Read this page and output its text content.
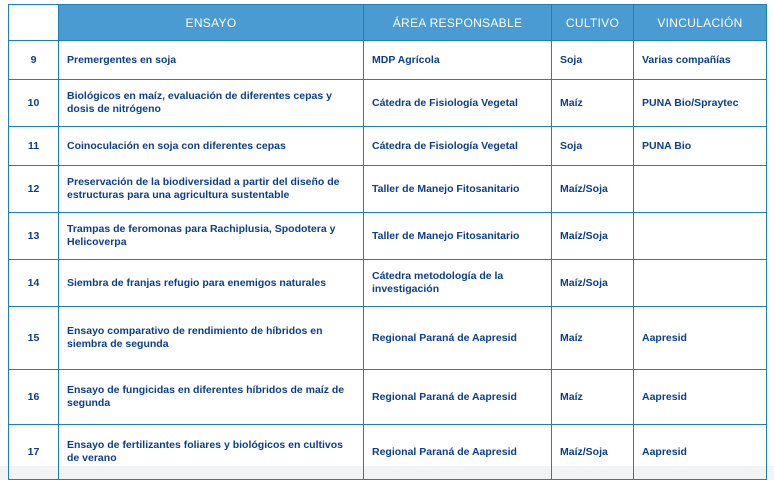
	ENSAYO	ÁREA RESPONSABLE	CULTIVO	VINCULACIÓN
9	Premergentes en soja	MDP Agrícola	Soja	Varias compañías
10	Biológicos en maíz, evaluación de diferentes cepas y dosis de nitrógeno	Cátedra de Fisiología Vegetal	Maíz	PUNA Bio/Spraytec
11	Coinoculación en soja con diferentes cepas	Cátedra de Fisiología Vegetal	Soja	PUNA Bio
12	Preservación de la biodiversidad a partir del diseño de estructuras para una agricultura sustentable	Taller de Manejo Fitosanitario	Maíz/Soja	
13	Trampas de feromonas para Rachiplusia, Spodotera y Helicoverpa	Taller de Manejo Fitosanitario	Maíz/Soja	
14	Siembra de franjas refugio para enemigos naturales	Cátedra metodología de la investigación	Maíz/Soja	
15	Ensayo comparativo de rendimiento de híbridos en siembra de segunda	Regional Paraná de Aapresid	Maíz	Aapresid
16	Ensayo de fungicidas en diferentes híbridos de maíz de segunda	Regional Paraná de Aapresid	Maíz	Aapresid
17	Ensayo de fertilizantes foliares y biológicos en cultivos de verano	Regional Paraná de Aapresid	Maíz/Soja	Aapresid
